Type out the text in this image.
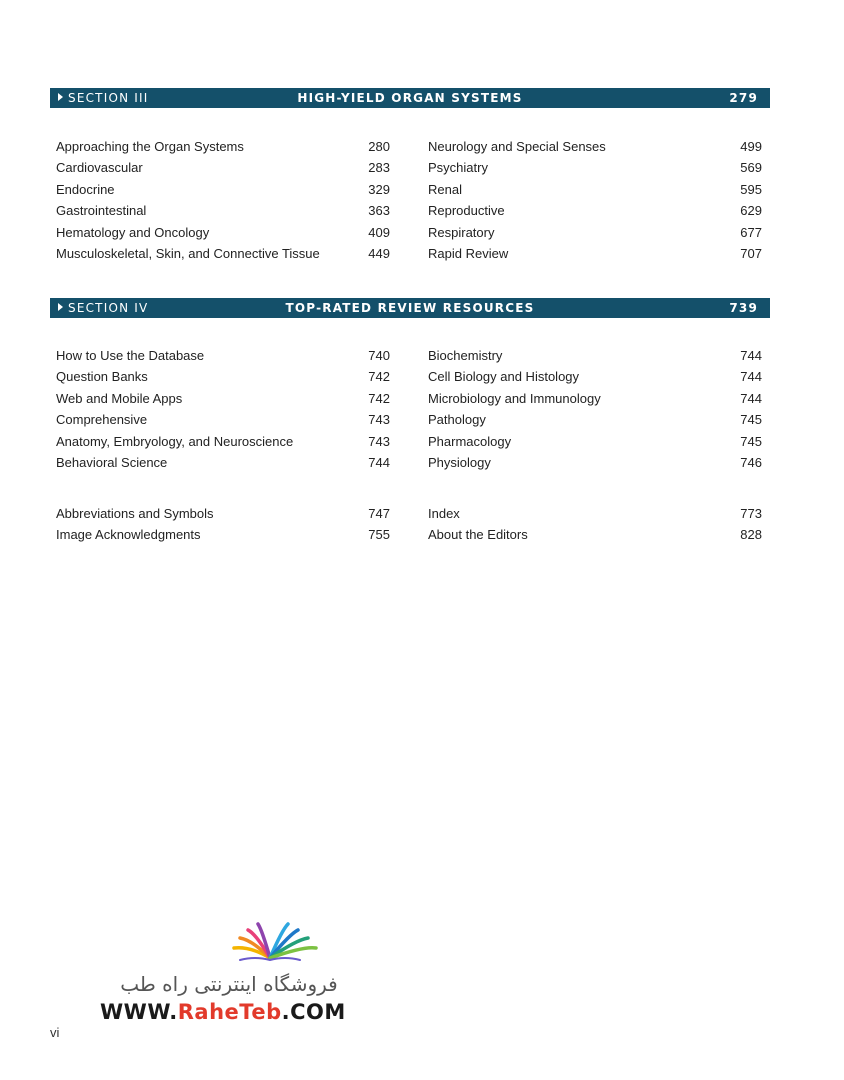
SECTION III	HIGH-YIELD ORGAN SYSTEMS	279
Approaching the Organ Systems	280
Cardiovascular	283
Endocrine	329
Gastrointestinal	363
Hematology and Oncology	409
Musculoskeletal, Skin, and Connective Tissue	449
Neurology and Special Senses	499
Psychiatry	569
Renal	595
Reproductive	629
Respiratory	677
Rapid Review	707
SECTION IV	TOP-RATED REVIEW RESOURCES	739
How to Use the Database	740
Question Banks	742
Web and Mobile Apps	742
Comprehensive	743
Anatomy, Embryology, and Neuroscience	743
Behavioral Science	744
Biochemistry	744
Cell Biology and Histology	744
Microbiology and Immunology	744
Pathology	745
Pharmacology	745
Physiology	746
Abbreviations and Symbols	747
Image Acknowledgments	755
Index	773
About the Editors	828
فروشگاه اینترنتی راه طب
WWW.RaheTeb.COM
vi
